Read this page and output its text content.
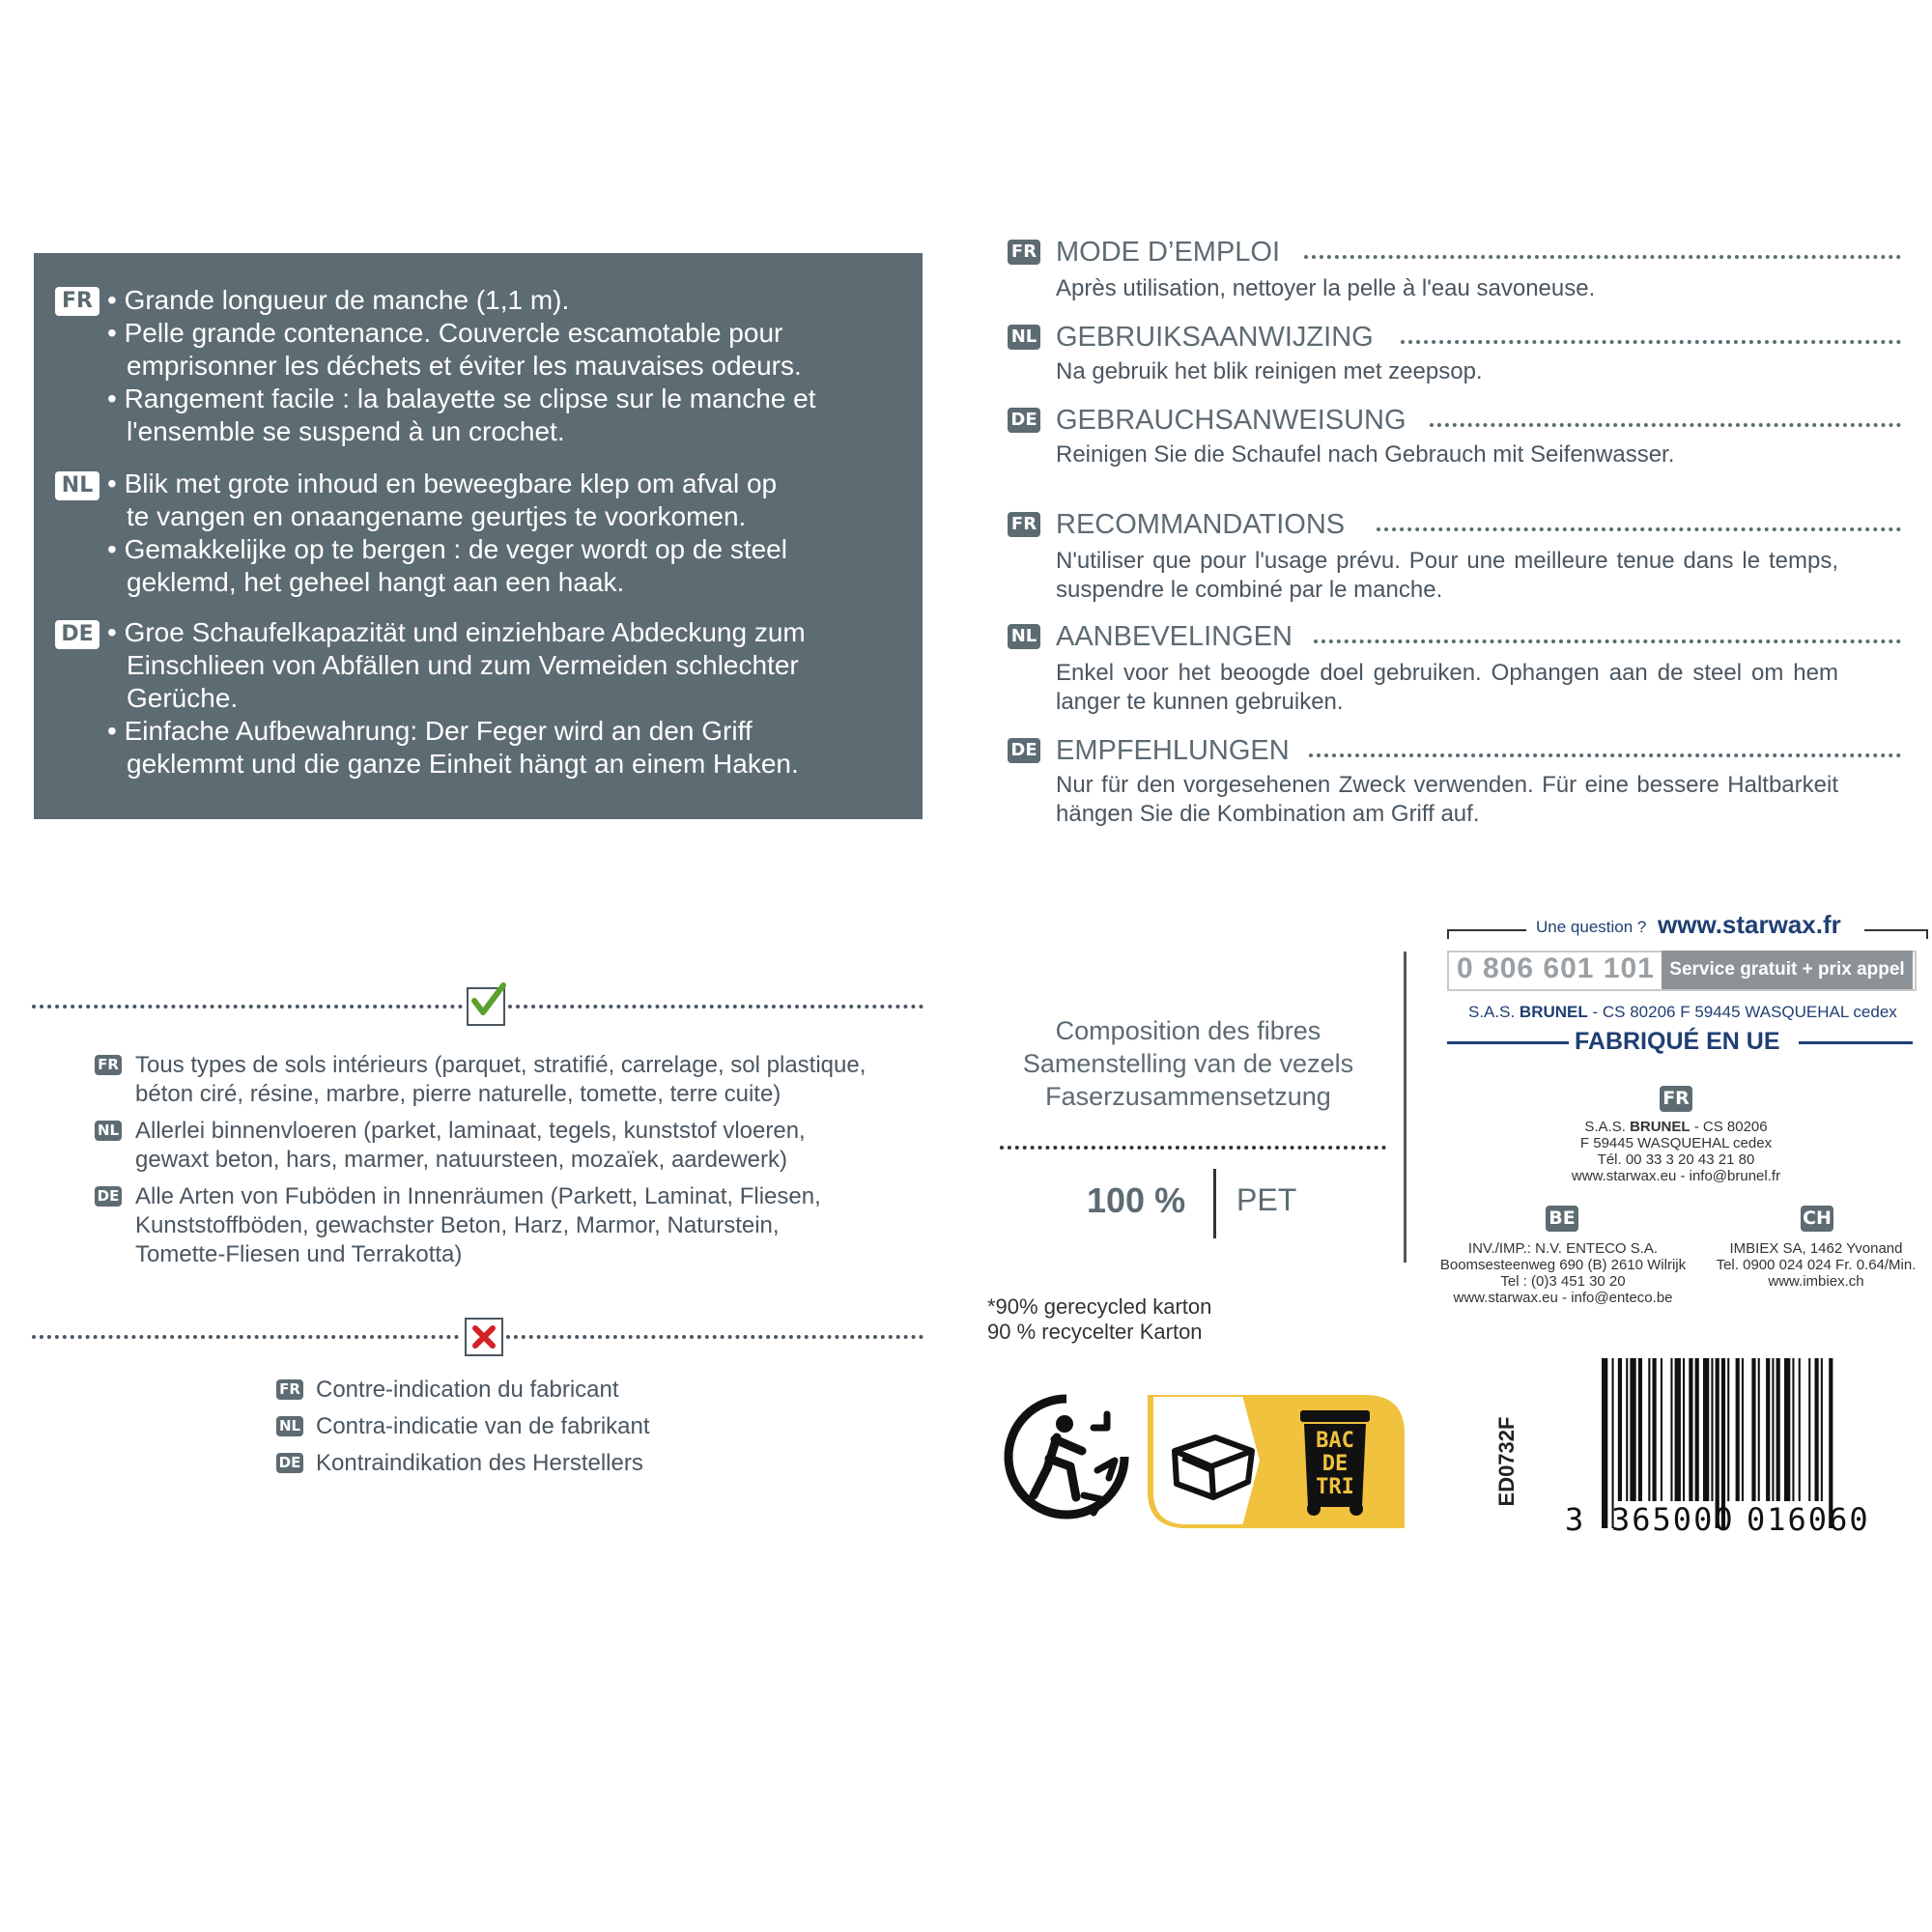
FR • Grande longueur de manche (1,1 m).
• Pelle grande contenance. Couvercle escamotable pour
emprisonner les déchets et éviter les mauvaises odeurs.
• Rangement facile : la balayette se clipse sur le manche et
l'ensemble se suspend à un crochet.
NL • Blik met grote inhoud en beweegbare klep om afval op
te vangen en onaangename geurtjes te voorkomen.
• Gemakkelijke op te bergen : de veger wordt op de steel
geklemd, het geheel hangt aan een haak.
DE • Groe Schaufelkapazität und einziehbare Abdeckung zum
Einschlieen von Abfällen und zum Vermeiden schlechter
Gerüche.
• Einfache Aufbewahrung: Der Feger wird an den Griff
geklemmt und die ganze Einheit hängt an einem Haken.
FR MODE D’EMPLOI
Après utilisation, nettoyer la pelle à l'eau savoneuse.
NL GEBRUIKSAANWIJZING
Na gebruik het blik reinigen met zeepsop.
DE GEBRAUCHSANWEISUNG
Reinigen Sie die Schaufel nach Gebrauch mit Seifenwasser.
FR RECOMMANDATIONS
N'utiliser que pour l'usage prévu. Pour une meilleure tenue dans le temps, suspendre le combiné par le manche.
NL AANBEVELINGEN
Enkel voor het beoogde doel gebruiken. Ophangen aan de steel om hem langer te kunnen gebruiken.
DE EMPFEHLUNGEN
Nur für den vorgesehenen Zweck verwenden. Für eine bessere Haltbarkeit hängen Sie die Kombination am Griff auf.
FR Tous types de sols intérieurs (parquet, stratifié, carrelage, sol plastique,
béton ciré, résine, marbre, pierre naturelle, tomette, terre cuite)
NL Allerlei binnenvloeren (parket, laminaat, tegels, kunststof vloeren,
gewaxt beton, hars, marmer, natuursteen, mozaïek, aardewerk)
DE Alle Arten von Fuböden in Innenräumen (Parkett, Laminat, Fliesen,
Kunststoffböden, gewachster Beton, Harz, Marmor, Naturstein,
Tomette-Fliesen und Terrakotta)
FR Contre-indication du fabricant
NL Contra-indicatie van de fabrikant
DE Kontraindikation des Herstellers
Composition des fibres
Samenstelling van de vezels
Faserzusammensetzung
100 % PET
*90% gerecycled karton
90 % recycelter Karton
BAC
DE
TRI
Une question ? www.starwax.fr
0 806 601 101 Service gratuit + prix appel
S.A.S. BRUNEL - CS 80206 F 59445 WASQUEHAL cedex
FABRIQUÉ EN UE
FR
S.A.S. BRUNEL - CS 80206
F 59445 WASQUEHAL cedex
Tél. 00 33 3 20 43 21 80
www.starwax.eu - info@brunel.fr
BE
INV./IMP.: N.V. ENTECO S.A.
Boomsesteenweg 690 (B) 2610 Wilrijk
Tel : (0)3 451 30 20
www.starwax.eu - info@enteco.be
CH
IMBIEX SA, 1462 Yvonand
Tel. 0900 024 024 Fr. 0.64/Min.
www.imbiex.ch
ED0732F
3 365000 016060
